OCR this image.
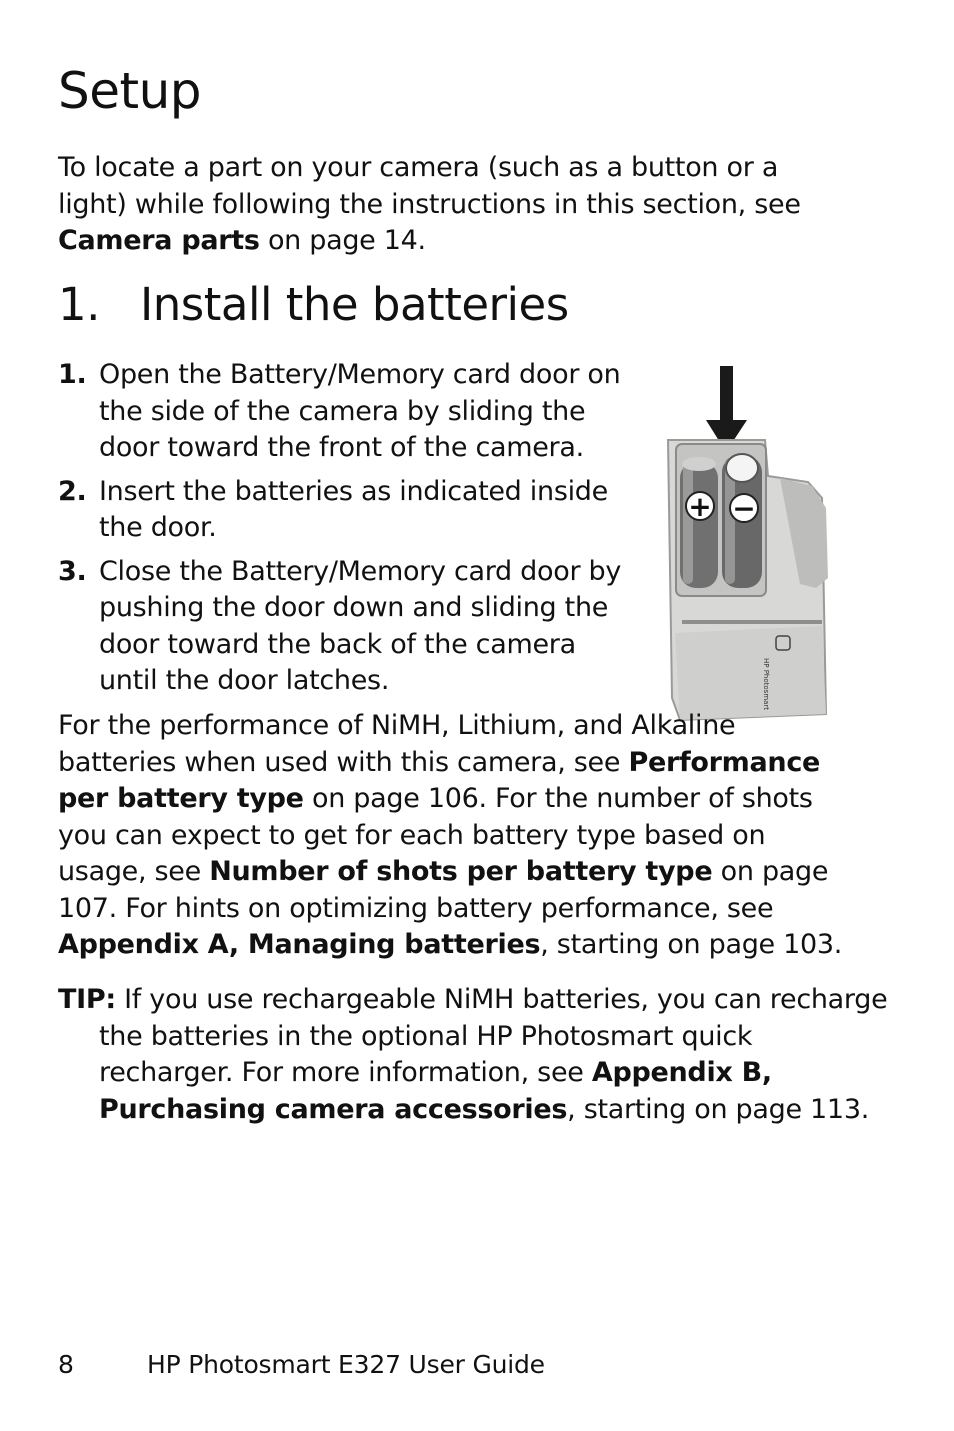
Setup

To locate a part on your camera (such as a button or a light) while following the instructions in this section, see Camera parts on page 14.

1. Install the batteries
1. Open the Battery/Memory card door on the side of the camera by sliding the door toward the front of the camera.
2. Insert the batteries as indicated inside the door.
3. Close the Battery/Memory card door by pushing the door down and sliding the door toward the back of the camera until the door latches.
+ −
HP Photosmart

For the performance of NiMH, Lithium, and Alkaline batteries when used with this camera, see Performance per battery type on page 106. For the number of shots you can expect to get for each battery type based on usage, see Number of shots per battery type on page 107. For hints on optimizing battery performance, see Appendix A, Managing batteries, starting on page 103.

TIP: If you use rechargeable NiMH batteries, you can recharge the batteries in the optional HP Photosmart quick recharger. For more information, see Appendix B, Purchasing camera accessories, starting on page 113.

8	HP Photosmart E327 User Guide
